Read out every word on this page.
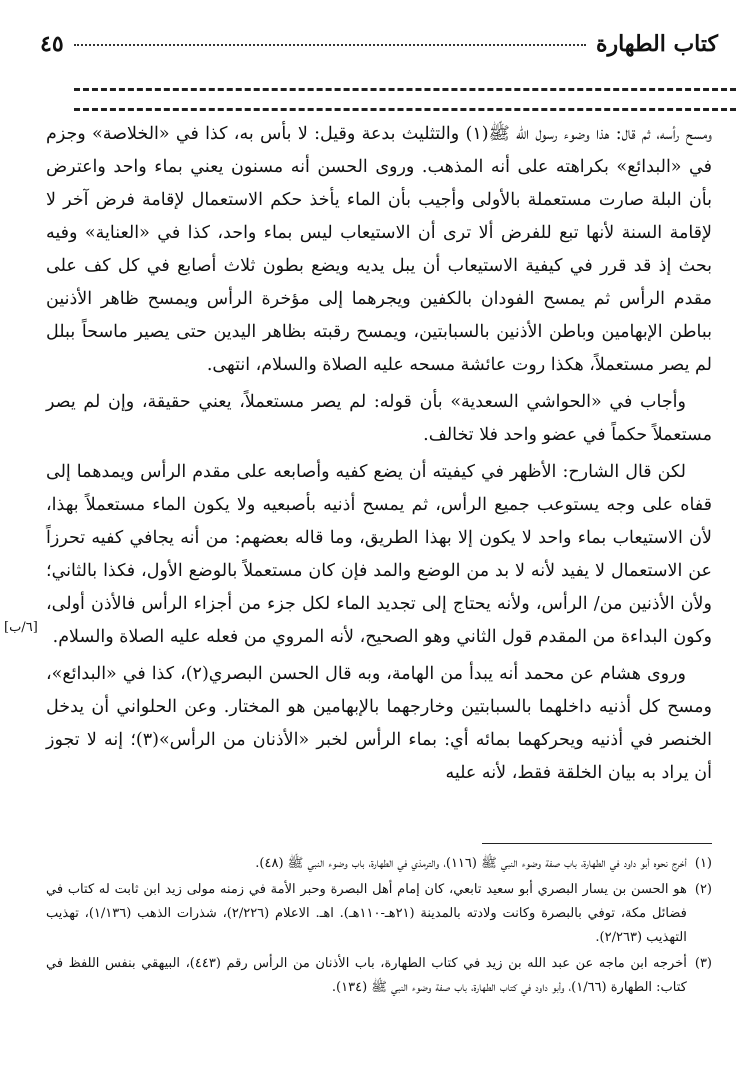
كتاب الطهارة
٤٥

ومسح رأسه، ثم قال: هذا وضوء رسول الله ﷺ(١) والتثليث بدعة وقيل: لا بأس به، كذا في «الخلاصة» وجزم في «البدائع» بكراهته على أنه المذهب. وروى الحسن أنه مسنون يعني بماء واحد واعترض بأن البلة صارت مستعملة بالأولى وأجيب بأن الماء يأخذ حكم الاستعمال لإقامة فرض آخر لا لإقامة السنة لأنها تبع للفرض ألا ترى أن الاستيعاب ليس بماء واحد، كذا في «العناية» وفيه بحث إذ قد قرر في كيفية الاستيعاب أن يبل يديه ويضع بطون ثلاث أصابع في كل كف على مقدم الرأس ثم يمسح الفودان بالكفين ويجرهما إلى مؤخرة الرأس ويمسح ظاهر الأذنين بباطن الإبهامين وباطن الأذنين بالسبابتين، ويمسح رقبته بظاهر اليدين حتى يصير ماسحاً ببلل لم يصر مستعملاً، هكذا روت عائشة مسحه عليه الصلاة والسلام، انتهى.

وأجاب في «الحواشي السعدية» بأن قوله: لم يصر مستعملاً، يعني حقيقة، وإن لم يصر مستعملاً حكماً في عضو واحد فلا تخالف.

لكن قال الشارح: الأظهر في كيفيته أن يضع كفيه وأصابعه على مقدم الرأس ويمدهما إلى قفاه على وجه يستوعب جميع الرأس، ثم يمسح أذنيه بأصبعيه ولا يكون الماء مستعملاً بهذا، لأن الاستيعاب بماء واحد لا يكون إلا بهذا الطريق، وما قاله بعضهم: من أنه يجافي كفيه تحرزاً عن الاستعمال لا يفيد لأنه لا بد من الوضع والمد فإن كان مستعملاً بالوضع الأول، فكذا بالثاني؛ ولأن الأذنين من/ الرأس، ولأنه يحتاج إلى تجديد الماء لكل جزء من أجزاء الرأس فالأذن أولى، وكون البداءة من المقدم قول الثاني وهو الصحيح، لأنه المروي من فعله عليه الصلاة والسلام.

وروى هشام عن محمد أنه يبدأ من الهامة، وبه قال الحسن البصري(٢)، كذا في «البدائع»، ومسح كل أذنيه داخلهما بالسبابتين وخارجهما بالإبهامين هو المختار. وعن الحلواني أن يدخل الخنصر في أذنيه ويحركهما بمائه أي: بماء الرأس لخبر «الأذنان من الرأس»(٣)؛ إنه لا تجوز أن يراد به بيان الخلقة فقط، لأنه عليه

[٦/ب]
(١)
أخرج نحوه أبو داود في الطهارة، باب صفة وضوء النبي ﷺ (١١٦)، والترمذي في الطهارة، باب وضوء النبي ﷺ (٤٨).
(٢)
هو الحسن بن يسار البصري أبو سعيد تابعي، كان إمام أهل البصرة وحبر الأمة في زمنه مولى زيد ابن ثابت له كتاب في فضائل مكة، توفي بالبصرة وكانت ولادته بالمدينة (٢١هـ-١١٠هـ). اهـ. الاعلام (٢/٢٢٦)، شذرات الذهب (١/١٣٦)، تهذيب التهذيب (٢/٢٦٣).
(٣)
أخرجه ابن ماجه عن عبد الله بن زيد في كتاب الطهارة، باب الأذنان من الرأس رقم (٤٤٣)، البيهقي بنفس اللفظ في كتاب: الطهارة (١/٦٦)، وأبو داود في كتاب الطهارة، باب صفة وضوء النبي ﷺ (١٣٤).
